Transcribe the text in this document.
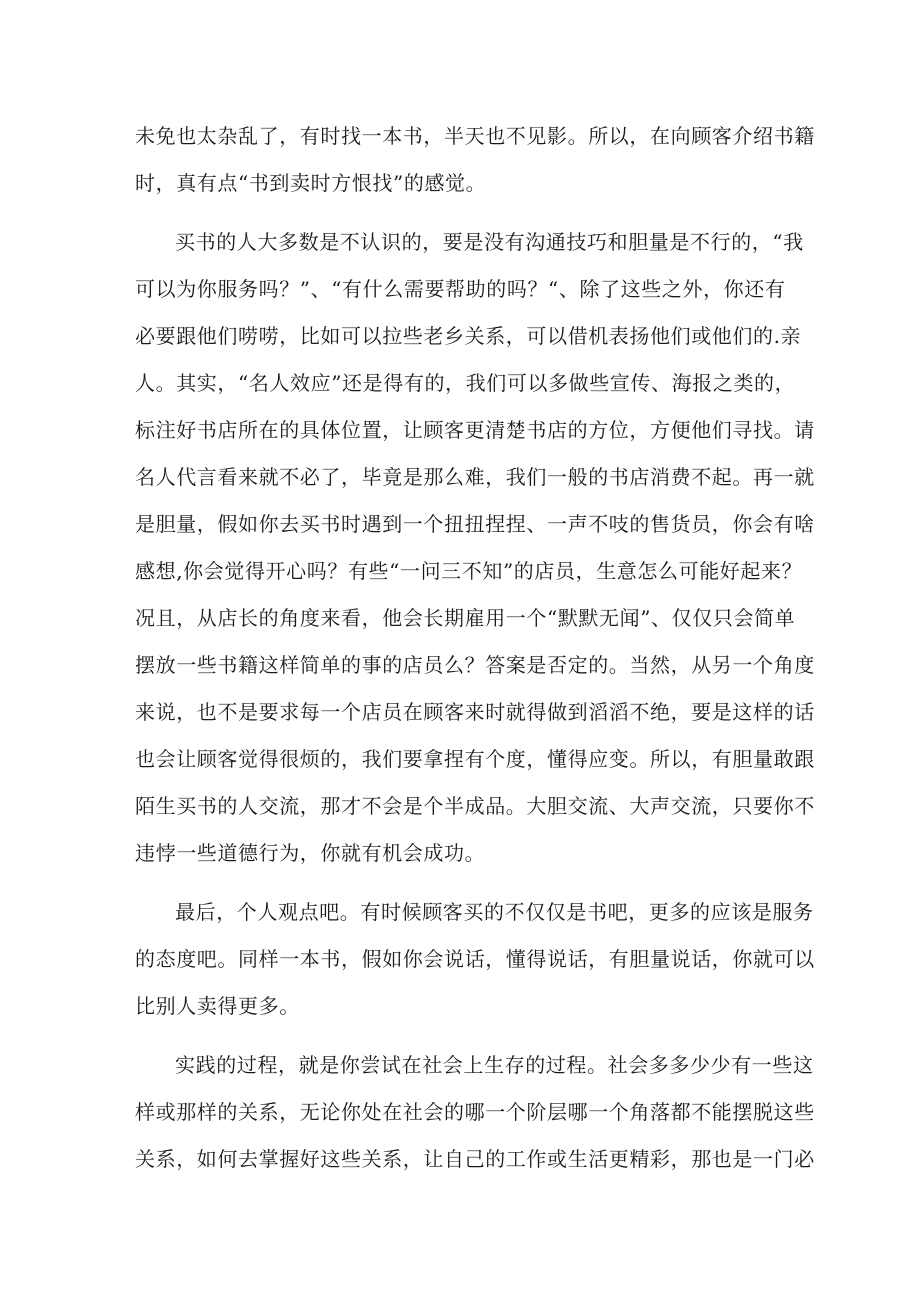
未免也太杂乱了，有时找一本书，半天也不见影。所以，在向顾客介绍书籍
时，真有点“书到卖时方恨找”的感觉。
买书的人大多数是不认识的，要是没有沟通技巧和胆量是不行的，“我
可以为你服务吗？”、“有什么需要帮助的吗？“、除了这些之外，你还有
必要跟他们唠唠，比如可以拉些老乡关系，可以借机表扬他们或他们的.亲
人。其实，“名人效应”还是得有的，我们可以多做些宣传、海报之类的，
标注好书店所在的具体位置，让顾客更清楚书店的方位，方便他们寻找。请
名人代言看来就不必了，毕竟是那么难，我们一般的书店消费不起。再一就
是胆量，假如你去买书时遇到一个扭扭捏捏、一声不吱的售货员，你会有啥
感想,你会觉得开心吗？有些“一问三不知”的店员，生意怎么可能好起来？
况且，从店长的角度来看，他会长期雇用一个“默默无闻”、仅仅只会简单
摆放一些书籍这样简单的事的店员么？答案是否定的。当然，从另一个角度
来说，也不是要求每一个店员在顾客来时就得做到滔滔不绝，要是这样的话
也会让顾客觉得很烦的，我们要拿捏有个度，懂得应变。所以，有胆量敢跟
陌生买书的人交流，那才不会是个半成品。大胆交流、大声交流，只要你不
违悖一些道德行为，你就有机会成功。
最后，个人观点吧。有时候顾客买的不仅仅是书吧，更多的应该是服务
的态度吧。同样一本书，假如你会说话，懂得说话，有胆量说话，你就可以
比别人卖得更多。
实践的过程，就是你尝试在社会上生存的过程。社会多多少少有一些这
样或那样的关系，无论你处在社会的哪一个阶层哪一个角落都不能摆脱这些
关系，如何去掌握好这些关系，让自己的工作或生活更精彩，那也是一门必
